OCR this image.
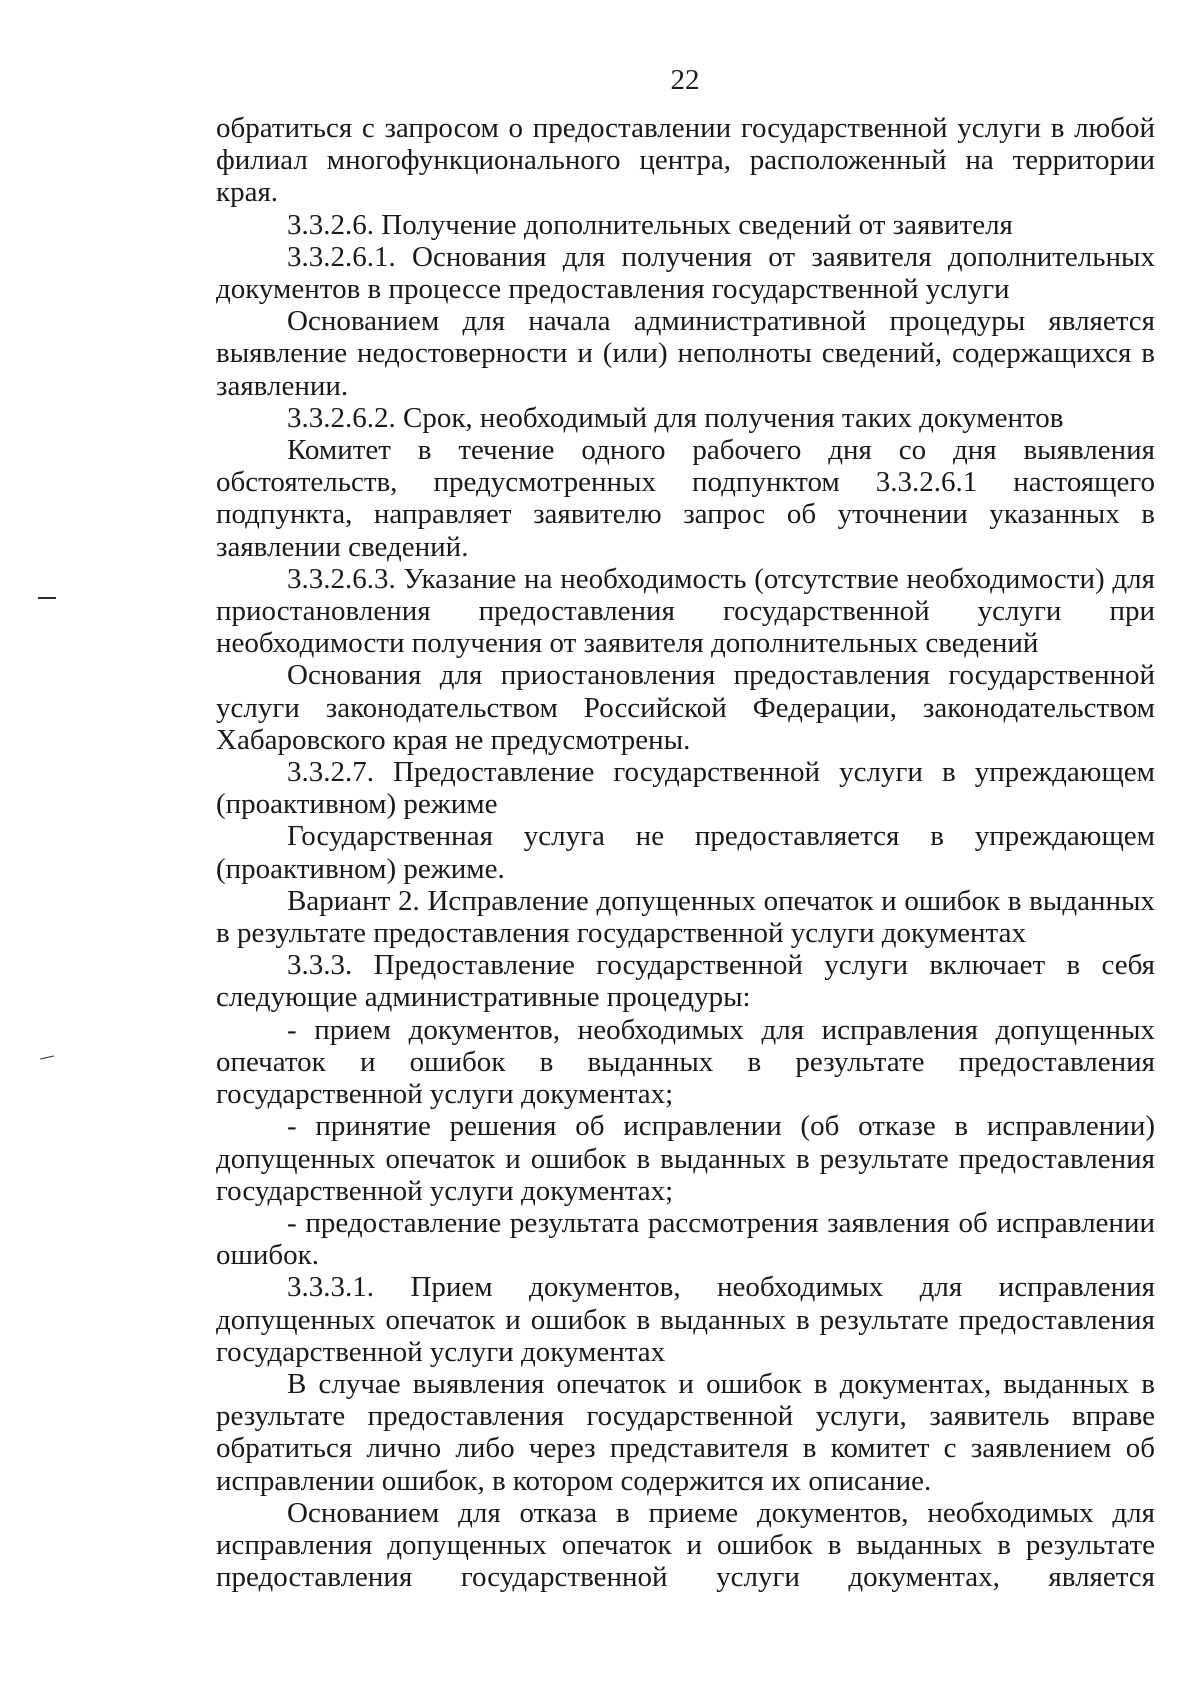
22

обратиться с запросом о предоставлении государственной услуги в любой филиал многофункционального центра, расположенный на территории края.

3.3.2.6. Получение дополнительных сведений от заявителя

3.3.2.6.1. Основания для получения от заявителя дополнительных документов в процессе предоставления государственной услуги

Основанием для начала административной процедуры является выявление недостоверности и (или) неполноты сведений, содержащихся в заявлении.

3.3.2.6.2. Срок, необходимый для получения таких документов

Комитет в течение одного рабочего дня со дня выявления обстоятельств, предусмотренных подпунктом 3.3.2.6.1 настоящего подпункта, направляет заявителю запрос об уточнении указанных в заявлении сведений.

3.3.2.6.3. Указание на необходимость (отсутствие необходимости) для приостановления предоставления государственной услуги при необходимости получения от заявителя дополнительных сведений

Основания для приостановления предоставления государственной услуги законодательством Российской Федерации, законодательством Хабаровского края не предусмотрены.

3.3.2.7. Предоставление государственной услуги в упреждающем (проактивном) режиме

Государственная услуга не предоставляется в упреждающем (проактивном) режиме.

Вариант 2. Исправление допущенных опечаток и ошибок в выданных в результате предоставления государственной услуги документах

3.3.3. Предоставление государственной услуги включает в себя следующие административные процедуры:

- прием документов, необходимых для исправления допущенных опечаток и ошибок в выданных в результате предоставления государственной услуги документах;

- принятие решения об исправлении (об отказе в исправлении) допущенных опечаток и ошибок в выданных в результате предоставления государственной услуги документах;

- предоставление результата рассмотрения заявления об исправлении ошибок.

3.3.3.1. Прием документов, необходимых для исправления допущенных опечаток и ошибок в выданных в результате предоставления государственной услуги документах

В случае выявления опечаток и ошибок в документах, выданных в результате предоставления государственной услуги, заявитель вправе обратиться лично либо через представителя в комитет с заявлением об исправлении ошибок, в котором содержится их описание.

Основанием для отказа в приеме документов, необходимых для исправления допущенных опечаток и ошибок в выданных в результате предоставления государственной услуги документах, является
